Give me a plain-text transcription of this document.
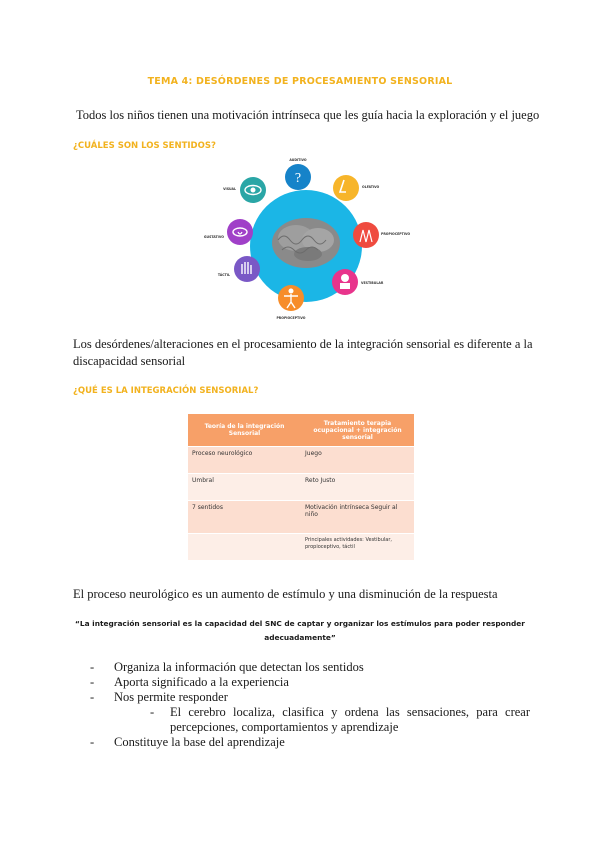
TEMA 4: DESÓRDENES DE PROCESAMIENTO SENSORIAL
Todos los niños tienen una motivación intrínseca que les guía hacia la exploración y el juego
¿CUÁLES SON LOS SENTIDOS?
?
AUDITIVO
OLFATIVO
PROPIOCEPTIVO
VESTIBULAR
PROPIOCEPTIVO
TÁCTIL
GUSTATIVO
VISUAL
Los desórdenes/alteraciones en el procesamiento de la integración sensorial es diferente a la discapacidad sensorial
¿QUÉ ES LA INTEGRACIÓN SENSORIAL?
Teoría de la integración Sensorial	Tratamiento terapia ocupacional + integración sensorial
Proceso neurológico	Juego
Umbral	Reto Justo
7 sentidos	Motivación intrínseca Seguir al niño
	Principales actividades: Vestibular, propioceptivo, táctil
El proceso neurológico es un aumento de estímulo y una disminución de la respuesta
“La integración sensorial es la capacidad del SNC de captar y organizar los estímulos para poder responder adecuadamente”
- Organiza la información que detectan los sentidos
- Aporta significado a la experiencia
- Nos permite responder
- El cerebro localiza, clasifica y ordena las sensaciones, para crear percepciones, comportamientos y aprendizaje
- Constituye la base del aprendizaje
